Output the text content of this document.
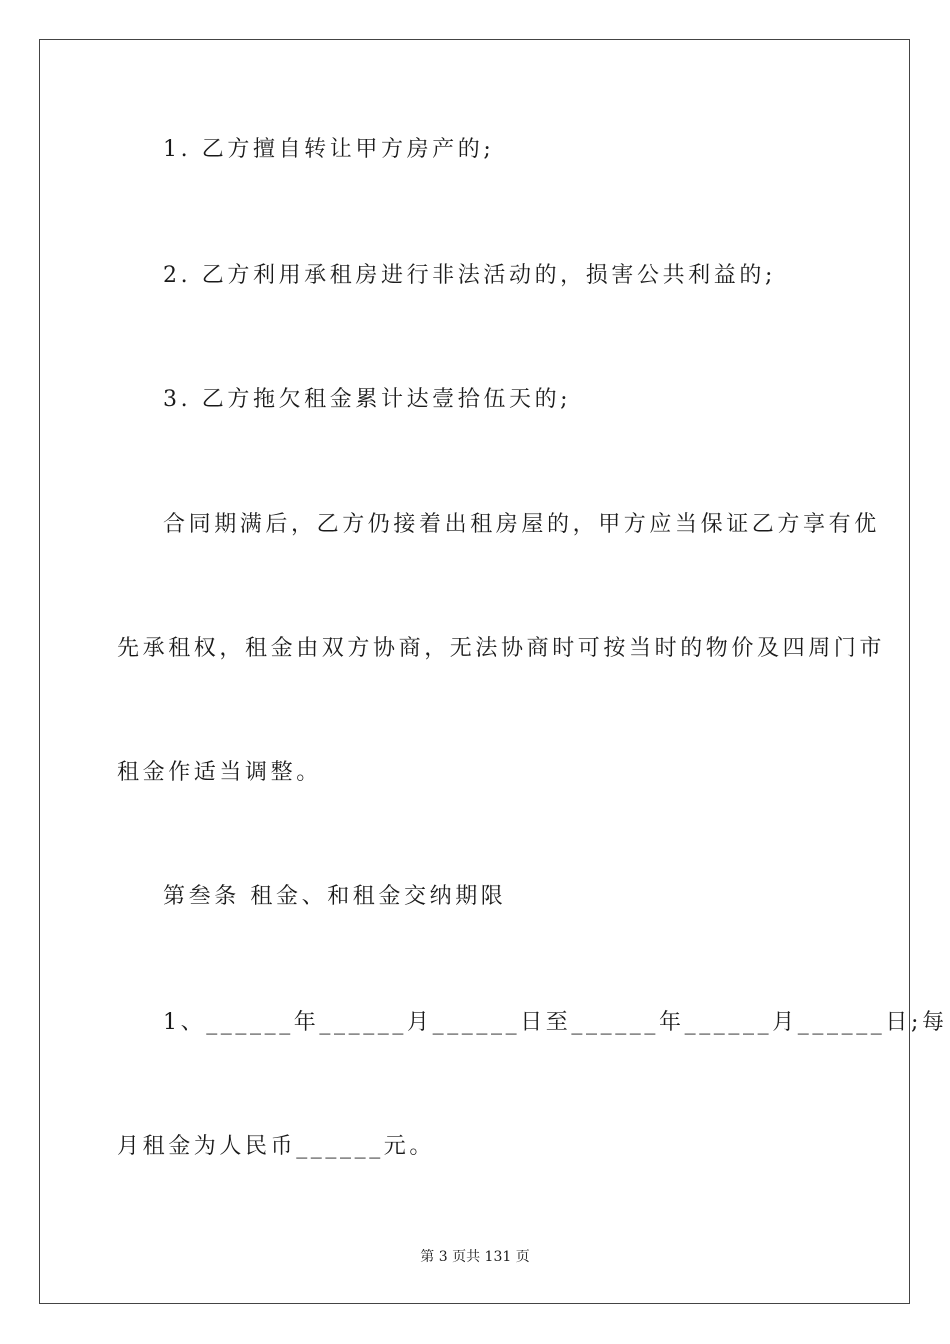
1. 乙方擅自转让甲方房产的;
2. 乙方利用承租房进行非法活动的，损害公共利益的;
3. 乙方拖欠租金累计达壹拾伍天的;
合同期满后，乙方仍接着出租房屋的，甲方应当保证乙方享有优
先承租权，租金由双方协商，无法协商时可按当时的物价及四周门市
租金作适当调整。
第叁条 租金、和租金交纳期限
1、______年______月______日至______年______月______日;每
月租金为人民币______元。
第 3 页共 131 页
